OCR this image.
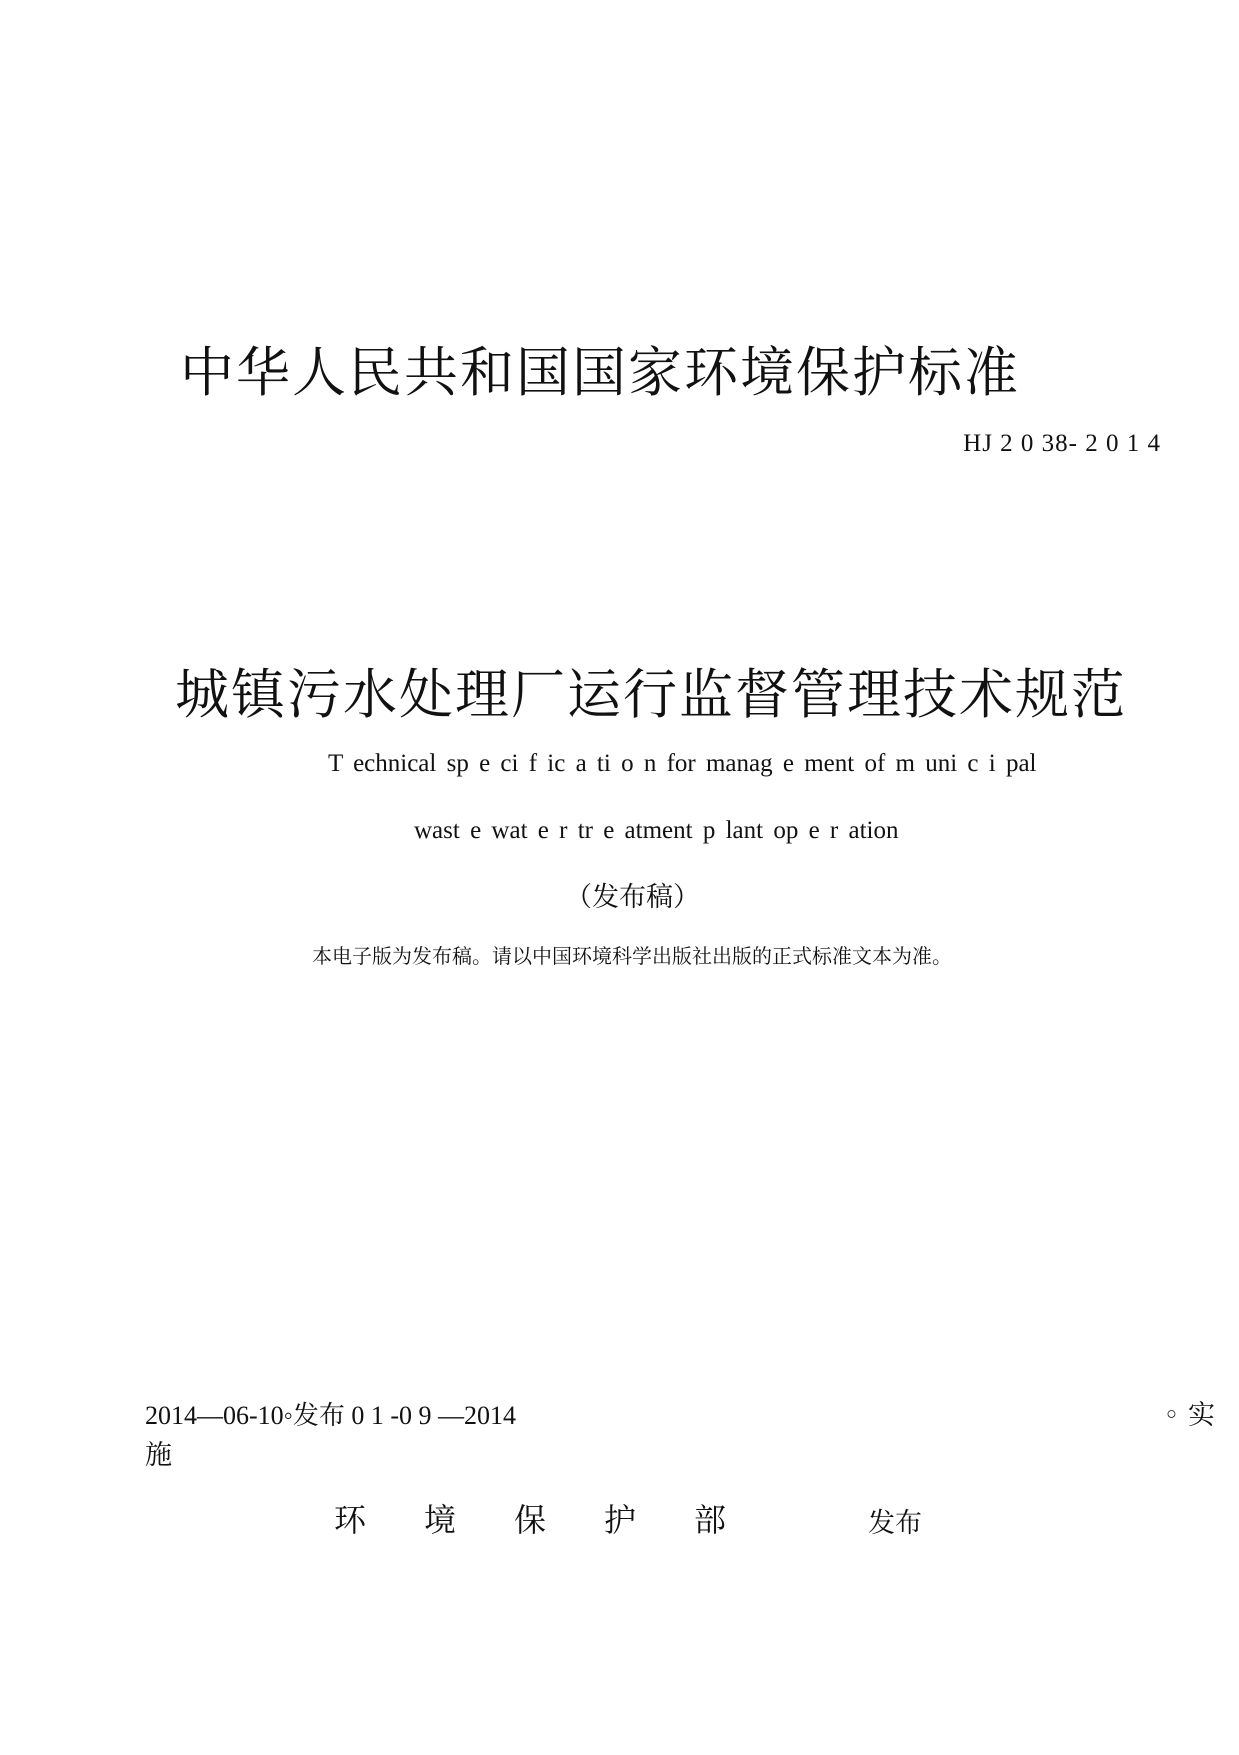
中华人民共和国国家环境保护标准
HJ 2 0 38- 2 0 1 4
城镇污水处理厂运行监督管理技术规范
T echnical sp e ci f ic a ti o n for manag e ment of m uni c i pal
wast e wat e r tr e atment p lant op e r ation
（发布稿）
本电子版为发布稿。请以中国环境科学出版社出版的正式标准文本为准。
2014—06-10◦发布 0 1 -0 9 —2014	◦ 实
施
环境保护部	发布
